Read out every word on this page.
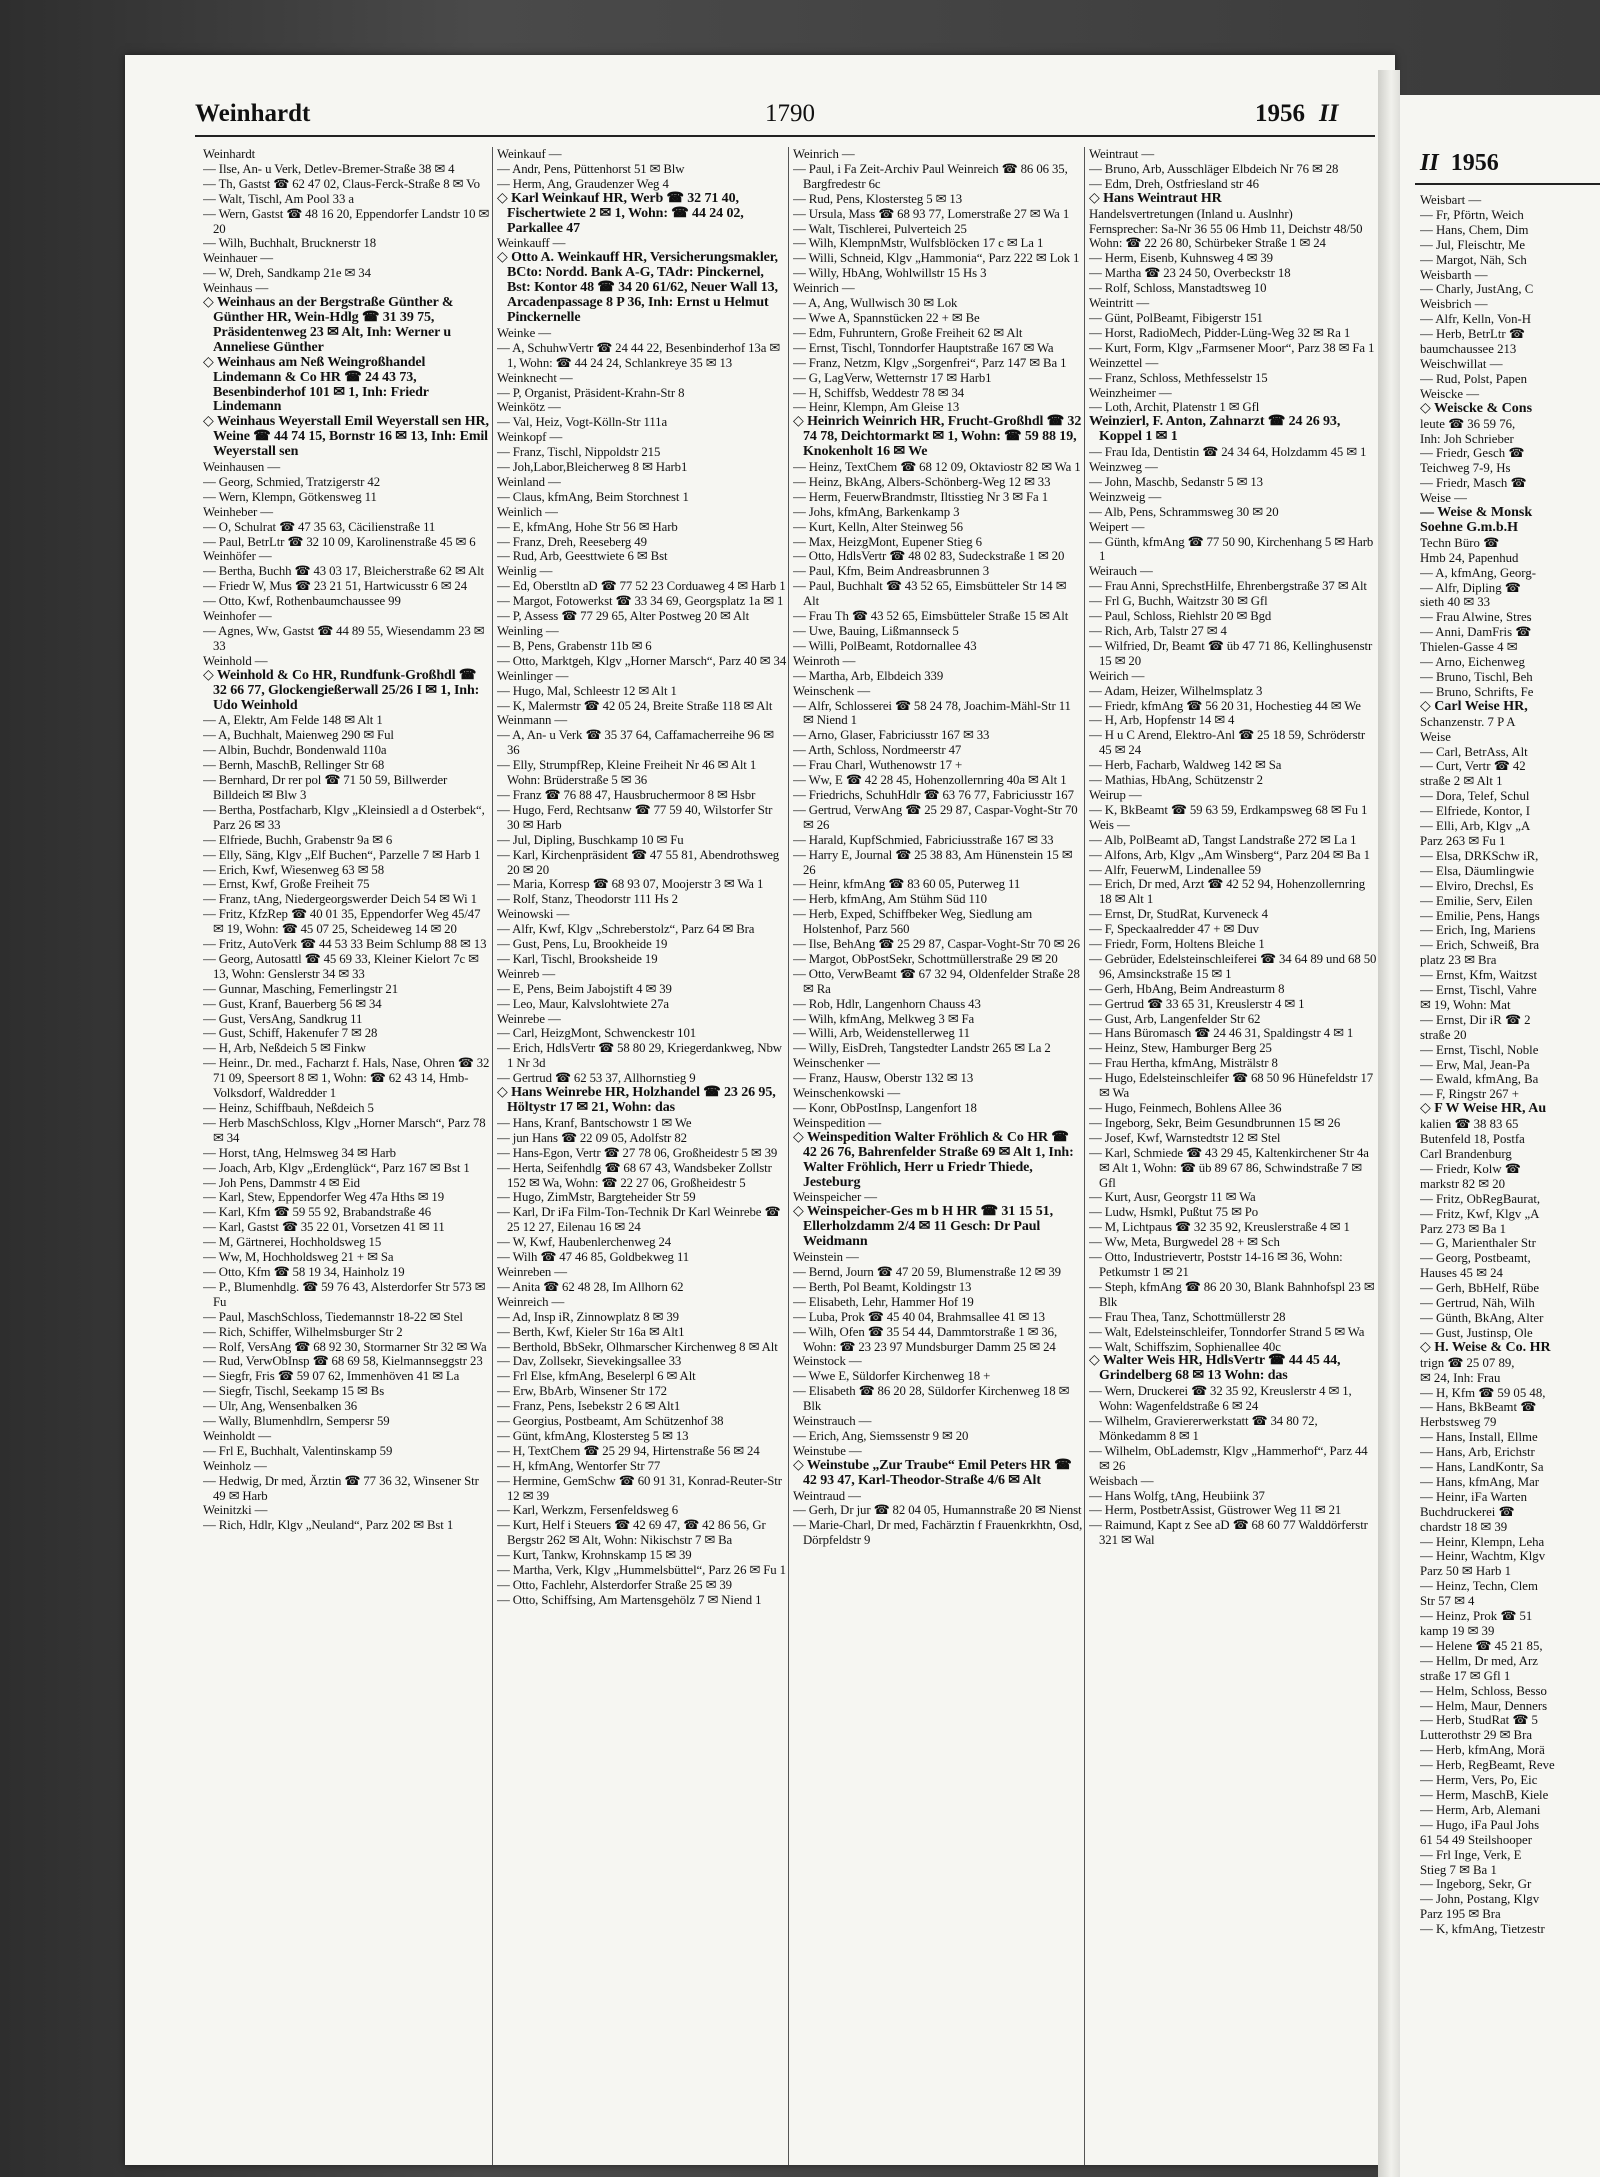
Weinhardt	1790	1956 II

Weinhardt

— Ilse, An- u Verk, Detlev-Bremer-Straße 38 ✉ 4

— Th, Gastst ☎ 62 47 02, Claus-Ferck-Straße 8 ✉ Vo

— Walt, Tischl, Am Pool 33 a

— Wern, Gastst ☎ 48 16 20, Eppendorfer Landstr 10 ✉ 20

— Wilh, Buchhalt, Brucknerstr 18

Weinhauer —

— W, Dreh, Sandkamp 21e ✉ 34

Weinhaus —

◇ Weinhaus an der Bergstraße Günther & Günther HR, Wein-Hdlg ☎ 31 39 75, Präsidentenweg 23 ✉ Alt, Inh: Werner u Anneliese Günther

◇ Weinhaus am Neß Weingroßhandel Lindemann & Co HR ☎ 24 43 73, Besenbinderhof 101 ✉ 1, Inh: Friedr Lindemann

◇ Weinhaus Weyerstall Emil Weyerstall sen HR, Weine ☎ 44 74 15, Bornstr 16 ✉ 13, Inh: Emil Weyerstall sen

Weinhausen —

— Georg, Schmied, Tratzigerstr 42

— Wern, Klempn, Götkensweg 11

Weinheber —

— O, Schulrat ☎ 47 35 63, Cäcilienstraße 11

— Paul, BetrLtr ☎ 32 10 09, Karolinenstraße 45 ✉ 6

Weinhöfer —

— Bertha, Buchh ☎ 43 03 17, Bleicherstraße 62 ✉ Alt

— Friedr W, Mus ☎ 23 21 51, Hartwicusstr 6 ✉ 24

— Otto, Kwf, Rothenbaumchaussee 99

Weinhofer —

— Agnes, Ww, Gastst ☎ 44 89 55, Wiesendamm 23 ✉ 33

Weinhold —

◇ Weinhold & Co HR, Rundfunk-Großhdl ☎ 32 66 77, Glockengießerwall 25/26 I ✉ 1, Inh: Udo Weinhold

— A, Elektr, Am Felde 148 ✉ Alt 1

— A, Buchhalt, Maienweg 290 ✉ Ful

— Albin, Buchdr, Bondenwald 110a

— Bernh, MaschB, Rellinger Str 68

— Bernhard, Dr rer pol ☎ 71 50 59, Billwerder Billdeich ✉ Blw 3

— Bertha, Postfacharb, Klgv „Kleinsiedl a d Osterbek“, Parz 26 ✉ 33

— Elfriede, Buchh, Grabenstr 9a ✉ 6

— Elly, Säng, Klgv „Elf Buchen“, Parzelle 7 ✉ Harb 1

— Erich, Kwf, Wiesenweg 63 ✉ 58

— Ernst, Kwf, Große Freiheit 75

— Franz, tAng, Niedergeorgswerder Deich 54 ✉ Wi 1

— Fritz, KfzRep ☎ 40 01 35, Eppendorfer Weg 45/47 ✉ 19, Wohn: ☎ 45 07 25, Scheideweg 14 ✉ 20

— Fritz, AutoVerk ☎ 44 53 33 Beim Schlump 88 ✉ 13

— Georg, Autosattl ☎ 45 69 33, Kleiner Kielort 7c ✉ 13, Wohn: Genslerstr 34 ✉ 33

— Gunnar, Masching, Femerlingstr 21

— Gust, Kranf, Bauerberg 56 ✉ 34

— Gust, VersAng, Sandkrug 11

— Gust, Schiff, Hakenufer 7 ✉ 28

— H, Arb, Neßdeich 5 ✉ Finkw

— Heinr., Dr. med., Facharzt f. Hals, Nase, Ohren ☎ 32 71 09, Speersort 8 ✉ 1, Wohn: ☎ 62 43 14, Hmb-Volksdorf, Waldredder 1

— Heinz, Schiffbauh, Neßdeich 5

— Herb MaschSchloss, Klgv „Horner Marsch“, Parz 78 ✉ 34

— Horst, tAng, Helmsweg 34 ✉ Harb

— Joach, Arb, Klgv „Erdenglück“, Parz 167 ✉ Bst 1

— Joh Pens, Dammstr 4 ✉ Eid

— Karl, Stew, Eppendorfer Weg 47a Hths ✉ 19

— Karl, Kfm ☎ 59 55 92, Brabandstraße 46

— Karl, Gastst ☎ 35 22 01, Vorsetzen 41 ✉ 11

— M, Gärtnerei, Hochholdsweg 15

— Ww, M, Hochholdsweg 21 + ✉ Sa

— Otto, Kfm ☎ 58 19 34, Hainholz 19

— P., Blumenhdlg. ☎ 59 76 43, Alsterdorfer Str 573 ✉ Fu

— Paul, MaschSchloss, Tiedemannstr 18-22 ✉ Stel

— Rich, Schiffer, Wilhelmsburger Str 2

— Rolf, VersAng ☎ 68 92 30, Stormarner Str 32 ✉ Wa

— Rud, VerwObInsp ☎ 68 69 58, Kielmannseggstr 23

— Siegfr, Fris ☎ 59 07 62, Immenhöven 41 ✉ La

— Siegfr, Tischl, Seekamp 15 ✉ Bs

— Ulr, Ang, Wensenbalken 36

— Wally, Blumenhdlrn, Sempersr 59

Weinholdt —

— Frl E, Buchhalt, Valentinskamp 59

Weinholz —

— Hedwig, Dr med, Ärztin ☎ 77 36 32, Winsener Str 49 ✉ Harb

Weinitzki —

— Rich, Hdlr, Klgv „Neuland“, Parz 202 ✉ Bst 1

Weinkauf —

— Andr, Pens, Püttenhorst 51 ✉ Blw

— Herm, Ang, Graudenzer Weg 4

◇ Karl Weinkauf HR, Werb ☎ 32 71 40, Fischertwiete 2 ✉ 1, Wohn: ☎ 44 24 02, Parkallee 47

Weinkauff —

◇ Otto A. Weinkauff HR, Versicherungsmakler, BCto: Nordd. Bank A-G, TAdr: Pinckernel, Bst: Kontor 48 ☎ 34 20 61/62, Neuer Wall 13, Arcadenpassage 8 P 36, Inh: Ernst u Helmut Pinckernelle

Weinke —

— A, SchuhwVertr ☎ 24 44 22, Besenbinderhof 13a ✉ 1, Wohn: ☎ 44 24 24, Schlankreye 35 ✉ 13

Weinknecht —

— P, Organist, Präsident-Krahn-Str 8

Weinkötz —

— Val, Heiz, Vogt-Kölln-Str 111a

Weinkopf —

— Franz, Tischl, Nippoldstr 215

— Joh,Labor,Bleicherweg 8 ✉ Harb1

Weinland —

— Claus, kfmAng, Beim Storchnest 1

Weinlich —

— E, kfmAng, Hohe Str 56 ✉ Harb

— Franz, Dreh, Reeseberg 49

— Rud, Arb, Geesttwiete 6 ✉ Bst

Weinlig —

— Ed, Oberstltn aD ☎ 77 52 23 Corduaweg 4 ✉ Harb 1

— Margot, Fotowerkst ☎ 33 34 69, Georgsplatz 1a ✉ 1

— P, Assess ☎ 77 29 65, Alter Postweg 20 ✉ Alt

Weinling —

— B, Pens, Grabenstr 11b ✉ 6

— Otto, Marktgeh, Klgv „Horner Marsch“, Parz 40 ✉ 34

Weinlinger —

— Hugo, Mal, Schleestr 12 ✉ Alt 1

— K, Malermstr ☎ 42 05 24, Breite Straße 118 ✉ Alt

Weinmann —

— A, An- u Verk ☎ 35 37 64, Caffamacherreihe 96 ✉ 36

— Elly, StrumpfRep, Kleine Freiheit Nr 46 ✉ Alt 1 Wohn: Brüderstraße 5 ✉ 36

— Franz ☎ 76 88 47, Hausbruchermoor 8 ✉ Hsbr

— Hugo, Ferd, Rechtsanw ☎ 77 59 40, Wilstorfer Str 30 ✉ Harb

— Jul, Dipling, Buschkamp 10 ✉ Fu

— Karl, Kirchenpräsident ☎ 47 55 81, Abendrothsweg 20 ✉ 20

— Maria, Korresp ☎ 68 93 07, Moojerstr 3 ✉ Wa 1

— Rolf, Stanz, Theodorstr 111 Hs 2

Weinowski —

— Alfr, Kwf, Klgv „Schreberstolz“, Parz 64 ✉ Bra

— Gust, Pens, Lu, Brookheide 19

— Karl, Tischl, Brooksheide 19

Weinreb —

— E, Pens, Beim Jabojstift 4 ✉ 39

— Leo, Maur, Kalvslohtwiete 27a

Weinrebe —

— Carl, HeizgMont, Schwenckestr 101

— Erich, HdlsVertr ☎ 58 80 29, Kriegerdankweg, Nbw 1 Nr 3d

— Gertrud ☎ 62 53 37, Allhornstieg 9

◇ Hans Weinrebe HR, Holzhandel ☎ 23 26 95, Höltystr 17 ✉ 21, Wohn: das

— Hans, Kranf, Bantschowstr 1 ✉ We

— jun Hans ☎ 22 09 05, Adolfstr 82

— Hans-Egon, Vertr ☎ 27 78 06, Großheidestr 5 ✉ 39

— Herta, Seifenhdlg ☎ 68 67 43, Wandsbeker Zollstr 152 ✉ Wa, Wohn: ☎ 22 27 06, Großheidestr 5

— Hugo, ZimMstr, Bargteheider Str 59

— Karl, Dr iFa Film-Ton-Technik Dr Karl Weinrebe ☎ 25 12 27, Eilenau 16 ✉ 24

— W, Kwf, Haubenlerchenweg 24

— Wilh ☎ 47 46 85, Goldbekweg 11

Weinreben —

— Anita ☎ 62 48 28, Im Allhorn 62

Weinreich —

— Ad, Insp iR, Zinnowplatz 8 ✉ 39

— Berth, Kwf, Kieler Str 16a ✉ Alt1

— Berthold, BbSekr, Olhmarscher Kirchenweg 8 ✉ Alt

— Dav, Zollsekr, Sievekingsallee 33

— Frl Else, kfmAng, Beselerpl 6 ✉ Alt

— Erw, BbArb, Winsener Str 172

— Franz, Pens, Isebekstr 2 6 ✉ Alt1

— Georgius, Postbeamt, Am Schützenhof 38

— Günt, kfmAng, Klostersteg 5 ✉ 13

— H, TextChem ☎ 25 29 94, Hirtenstraße 56 ✉ 24

— H, kfmAng, Wentorfer Str 77

— Hermine, GemSchw ☎ 60 91 31, Konrad-Reuter-Str 12 ✉ 39

— Karl, Werkzm, Fersenfeldsweg 6

— Kurt, Helf i Steuers ☎ 42 69 47, ☎ 42 86 56, Gr Bergstr 262 ✉ Alt, Wohn: Nikischstr 7 ✉ Ba

— Kurt, Tankw, Krohnskamp 15 ✉ 39

— Martha, Verk, Klgv „Hummelsbüttel“, Parz 26 ✉ Fu 1

— Otto, Fachlehr, Alsterdorfer Straße 25 ✉ 39

— Otto, Schiffsing, Am Martensgehölz 7 ✉ Niend 1

Weinrich —

— Paul, i Fa Zeit-Archiv Paul Weinreich ☎ 86 06 35, Bargfredestr 6c

— Rud, Pens, Klostersteg 5 ✉ 13

— Ursula, Mass ☎ 68 93 77, Lomerstraße 27 ✉ Wa 1

— Walt, Tischlerei, Pulverteich 25

— Wilh, KlempnMstr, Wulfsblöcken 17 c ✉ La 1

— Willi, Schneid, Klgv „Hammonia“, Parz 222 ✉ Lok 1

— Willy, HbAng, Wohlwillstr 15 Hs 3

Weinrich —

— A, Ang, Wullwisch 30 ✉ Lok

— Wwe A, Spannstücken 22 + ✉ Be

— Edm, Fuhruntern, Große Freiheit 62 ✉ Alt

— Ernst, Tischl, Tonndorfer Hauptstraße 167 ✉ Wa

— Franz, Netzm, Klgv „Sorgenfrei“, Parz 147 ✉ Ba 1

— G, LagVerw, Wetternstr 17 ✉ Harb1

— H, Schiffsb, Weddestr 78 ✉ 34

— Heinr, Klempn, Am Gleise 13

◇ Heinrich Weinrich HR, Frucht-Großhdl ☎ 32 74 78, Deichtormarkt ✉ 1, Wohn: ☎ 59 88 19, Knokenholt 16 ✉ We

— Heinz, TextChem ☎ 68 12 09, Oktaviostr 82 ✉ Wa 1

— Heinz, BkAng, Albers-Schönberg-Weg 12 ✉ 33

— Herm, FeuerwBrandmstr, Iltisstieg Nr 3 ✉ Fa 1

— Johs, kfmAng, Barkenkamp 3

— Kurt, Kelln, Alter Steinweg 56

— Max, HeizgMont, Eupener Stieg 6

— Otto, HdlsVertr ☎ 48 02 83, Sudeckstraße 1 ✉ 20

— Paul, Kfm, Beim Andreasbrunnen 3

— Paul, Buchhalt ☎ 43 52 65, Eimsbütteler Str 14 ✉ Alt

— Frau Th ☎ 43 52 65, Eimsbütteler Straße 15 ✉ Alt

— Uwe, Bauing, Lißmannseck 5

— Willi, PolBeamt, Rotdornallee 43

Weinroth —

— Martha, Arb, Elbdeich 339

Weinschenk —

— Alfr, Schlosserei ☎ 58 24 78, Joachim-Mähl-Str 11 ✉ Niend 1

— Arno, Glaser, Fabriciusstr 167 ✉ 33

— Arth, Schloss, Nordmeerstr 47

— Frau Charl, Wuthenowstr 17 +

— Ww, E ☎ 42 28 45, Hohenzollernring 40a ✉ Alt 1

— Friedrichs, SchuhHdlr ☎ 63 76 77, Fabriciusstr 167

— Gertrud, VerwAng ☎ 25 29 87, Caspar-Voght-Str 70 ✉ 26

— Harald, KupfSchmied, Fabriciusstraße 167 ✉ 33

— Harry E, Journal ☎ 25 38 83, Am Hünenstein 15 ✉ 26

— Heinr, kfmAng ☎ 83 60 05, Puterweg 11

— Herb, kfmAng, Am Stühm Süd 110

— Herb, Exped, Schiffbeker Weg, Siedlung am Holstenhof, Parz 560

— Ilse, BehAng ☎ 25 29 87, Caspar-Voght-Str 70 ✉ 26

— Margot, ObPostSekr, Schottmüllerstraße 29 ✉ 20

— Otto, VerwBeamt ☎ 67 32 94, Oldenfelder Straße 28 ✉ Ra

— Rob, Hdlr, Langenhorn Chauss 43

— Wilh, kfmAng, Melkweg 3 ✉ Fa

— Willi, Arb, Weidenstellerweg 11

— Willy, EisDreh, Tangstedter Landstr 265 ✉ La 2

Weinschenker —

— Franz, Hausw, Oberstr 132 ✉ 13

Weinschenkowski —

— Konr, ObPostInsp, Langenfort 18

Weinspedition —

◇ Weinspedition Walter Fröhlich & Co HR ☎ 42 26 76, Bahrenfelder Straße 69 ✉ Alt 1, Inh: Walter Fröhlich, Herr u Friedr Thiede, Jesteburg

Weinspeicher —

◇ Weinspeicher-Ges m b H HR ☎ 31 15 51, Ellerholzdamm 2/4 ✉ 11 Gesch: Dr Paul Weidmann

Weinstein —

— Bernd, Journ ☎ 47 20 59, Blumenstraße 12 ✉ 39

— Berth, Pol Beamt, Koldingstr 13

— Elisabeth, Lehr, Hammer Hof 19

— Luba, Prok ☎ 45 40 04, Brahmsallee 41 ✉ 13

— Wilh, Ofen ☎ 35 54 44, Dammtorstraße 1 ✉ 36, Wohn: ☎ 23 23 97 Mundsburger Damm 25 ✉ 24

Weinstock —

— Wwe E, Süldorfer Kirchenweg 18 +

— Elisabeth ☎ 86 20 28, Süldorfer Kirchenweg 18 ✉ Blk

Weinstrauch —

— Erich, Ang, Siemssenstr 9 ✉ 20

Weinstube —

◇ Weinstube „Zur Traube“ Emil Peters HR ☎ 42 93 47, Karl-Theodor-Straße 4/6 ✉ Alt

Weintraud —

— Gerh, Dr jur ☎ 82 04 05, Humannstraße 20 ✉ Nienst

— Marie-Charl, Dr med, Fachärztin f Frauenkrkhtn, Osd, Dörpfeldstr 9

Weintraut —

— Bruno, Arb, Ausschläger Elbdeich Nr 76 ✉ 28

— Edm, Dreh, Ostfriesland str 46

◇ Hans Weintraut HR

Handelsvertretungen (Inland u. Auslnhr)

Fernsprecher: Sa-Nr 36 55 06 Hmb 11, Deichstr 48/50

Wohn: ☎ 22 26 80, Schürbeker Straße 1 ✉ 24

— Herm, Eisenb, Kuhnsweg 4 ✉ 39

— Martha ☎ 23 24 50, Overbeckstr 18

— Rolf, Schloss, Manstadtsweg 10

Weintritt —

— Günt, PolBeamt, Fibigerstr 151

— Horst, RadioMech, Pidder-Lüng-Weg 32 ✉ Ra 1

— Kurt, Form, Klgv „Farmsener Moor“, Parz 38 ✉ Fa 1

Weinzettel —

— Franz, Schloss, Methfesselstr 15

Weinzheimer —

— Loth, Archit, Platenstr 1 ✉ Gfl

Weinzierl, F. Anton, Zahnarzt ☎ 24 26 93, Koppel 1 ✉ 1

— Frau Ida, Dentistin ☎ 24 34 64, Holzdamm 45 ✉ 1

Weinzweg —

— John, Maschb, Sedanstr 5 ✉ 13

Weinzweig —

— Alb, Pens, Schrammsweg 30 ✉ 20

Weipert —

— Günth, kfmAng ☎ 77 50 90, Kirchenhang 5 ✉ Harb 1

Weirauch —

— Frau Anni, SprechstHilfe, Ehrenbergstraße 37 ✉ Alt

— Frl G, Buchh, Waitzstr 30 ✉ Gfl

— Paul, Schloss, Riehlstr 20 ✉ Bgd

— Rich, Arb, Talstr 27 ✉ 4

— Wilfried, Dr, Beamt ☎ üb 47 71 86, Kellinghusenstr 15 ✉ 20

Weirich —

— Adam, Heizer, Wilhelmsplatz 3

— Friedr, kfmAng ☎ 56 20 31, Hochestieg 44 ✉ We

— H, Arb, Hopfenstr 14 ✉ 4

— H u C Arend, Elektro-Anl ☎ 25 18 59, Schröderstr 45 ✉ 24

— Herb, Facharb, Waldweg 142 ✉ Sa

— Mathias, HbAng, Schützenstr 2

Weirup —

— K, BkBeamt ☎ 59 63 59, Erdkampsweg 68 ✉ Fu 1

Weis —

— Alb, PolBeamt aD, Tangst Landstraße 272 ✉ La 1

— Alfons, Arb, Klgv „Am Winsberg“, Parz 204 ✉ Ba 1

— Alfr, FeuerwM, Lindenallee 59

— Erich, Dr med, Arzt ☎ 42 52 94, Hohenzollernring 18 ✉ Alt 1

— Ernst, Dr, StudRat, Kurveneck 4

— F, Speckaalredder 47 + ✉ Duv

— Friedr, Form, Holtens Bleiche 1

— Gebrüder, Edelsteinschleiferei ☎ 34 64 89 und 68 50 96, Amsinckstraße 15 ✉ 1

— Gerh, HbAng, Beim Andreasturm 8

— Gertrud ☎ 33 65 31, Kreuslerstr 4 ✉ 1

— Gust, Arb, Langenfelder Str 62

— Hans Büromasch ☎ 24 46 31, Spaldingstr 4 ✉ 1

— Heinz, Stew, Hamburger Berg 25

— Frau Hertha, kfmAng, Misträlstr 8

— Hugo, Edelsteinschleifer ☎ 68 50 96 Hünefeldstr 17 ✉ Wa

— Hugo, Feinmech, Bohlens Allee 36

— Ingeborg, Sekr, Beim Gesundbrunnen 15 ✉ 26

— Josef, Kwf, Warnstedtstr 12 ✉ Stel

— Karl, Schmiede ☎ 43 29 45, Kaltenkirchener Str 4a ✉ Alt 1, Wohn: ☎ üb 89 67 86, Schwindstraße 7 ✉ Gfl

— Kurt, Ausr, Georgstr 11 ✉ Wa

— Ludw, Hsmkl, Pußtut 75 ✉ Po

— M, Lichtpaus ☎ 32 35 92, Kreuslerstraße 4 ✉ 1

— Ww, Meta, Burgwedel 28 + ✉ Sch

— Otto, Industrievertr, Poststr 14-16 ✉ 36, Wohn: Petkumstr 1 ✉ 21

— Steph, kfmAng ☎ 86 20 30, Blank Bahnhofspl 23 ✉ Blk

— Frau Thea, Tanz, Schottmüllerstr 28

— Walt, Edelsteinschleifer, Tonndorfer Strand 5 ✉ Wa

— Walt, Schiffszim, Sophienallee 40c

◇ Walter Weis HR, HdlsVertr ☎ 44 45 44, Grindelberg 68 ✉ 13 Wohn: das

— Wern, Druckerei ☎ 32 35 92, Kreuslerstr 4 ✉ 1, Wohn: Wagenfeldstraße 6 ✉ 24

— Wilhelm, Graviererwerkstatt ☎ 34 80 72, Mönkedamm 8 ✉ 1

— Wilhelm, ObLademstr, Klgv „Hammerhof“, Parz 44 ✉ 26

Weisbach —

— Hans Wolfg, tAng, Heubiink 37

— Herm, PostbetrAssist, Güstrower Weg 11 ✉ 21

— Raimund, Kapt z See aD ☎ 68 60 77 Walddörferstr 321 ✉ Wal

II 1956

Weisbart —

— Fr, Pförtn, Weich

— Hans, Chem, Dim

— Jul, Fleischtr, Me

— Margot, Näh, Sch

Weisbarth —

— Charly, JustAng, C

Weisbrich —

— Alfr, Kelln, Von-H

— Herb, BetrLtr ☎

baumchaussee 213

Weischwillat —

— Rud, Polst, Papen

Weiscke —

◇ Weiscke & Cons

leute ☎ 36 59 76,

Inh: Joh Schrieber

— Friedr, Gesch ☎

Teichweg 7-9, Hs

— Friedr, Masch ☎

Weise —

— Weise & Monsk

Soehne G.m.b.H

Techn Büro ☎

Hmb 24, Papenhud

— A, kfmAng, Georg-

— Alfr, Dipling ☎

sieth 40 ✉ 33

— Frau Alwine, Stres

— Anni, DamFris ☎

Thielen-Gasse 4 ✉

— Arno, Eichenweg

— Bruno, Tischl, Beh

— Bruno, Schrifts, Fe

◇ Carl Weise HR,

Schanzenstr. 7 P A

Weise

— Carl, BetrAss, Alt

— Curt, Vertr ☎ 42

straße 2 ✉ Alt 1

— Dora, Telef, Schul

— Elfriede, Kontor, I

— Elli, Arb, Klgv „A

Parz 263 ✉ Fu 1

— Elsa, DRKSchw iR,

— Elsa, Däumlingwie

— Elviro, Drechsl, Es

— Emilie, Serv, Eilen

— Emilie, Pens, Hangs

— Erich, Ing, Mariens

— Erich, Schweiß, Bra

platz 23 ✉ Bra

— Ernst, Kfm, Waitzst

— Ernst, Tischl, Vahre

✉ 19, Wohn: Mat

— Ernst, Dir iR ☎ 2

straße 20

— Ernst, Tischl, Noble

— Erw, Mal, Jean-Pa

— Ewald, kfmAng, Ba

— F, Ringstr 267 +

◇ F W Weise HR, Au

kalien ☎ 38 83 65

Butenfeld 18, Postfa

Carl Brandenburg

— Friedr, Kolw ☎

markstr 82 ✉ 20

— Fritz, ObRegBaurat,

— Fritz, Kwf, Klgv „A

Parz 273 ✉ Ba 1

— G, Marienthaler Str

— Georg, Postbeamt,

Hauses 45 ✉ 24

— Gerh, BbHelf, Rübe

— Gertrud, Näh, Wilh

— Günth, BkAng, Alter

— Gust, Justinsp, Ole

◇ H. Weise & Co. HR

trign ☎ 25 07 89,

✉ 24, Inh: Frau

— H, Kfm ☎ 59 05 48,

— Hans, BkBeamt ☎

Herbstsweg 79

— Hans, Install, Ellme

— Hans, Arb, Erichstr

— Hans, LandKontr, Sa

— Hans, kfmAng, Mar

— Heinr, iFa Warten

Buchdruckerei ☎

chardstr 18 ✉ 39

— Heinr, Klempn, Leha

— Heinr, Wachtm, Klgv

Parz 50 ✉ Harb 1

— Heinz, Techn, Clem

Str 57 ✉ 4

— Heinz, Prok ☎ 51

kamp 19 ✉ 39

— Helene ☎ 45 21 85,

— Hellm, Dr med, Arz

straße 17 ✉ Gfl 1

— Helm, Schloss, Besso

— Helm, Maur, Denners

— Herb, StudRat ☎ 5

Lutterothstr 29 ✉ Bra

— Herb, kfmAng, Morä

— Herb, RegBeamt, Reve

— Herm, Vers, Po, Eic

— Herm, MaschB, Kiele

— Herm, Arb, Alemani

— Hugo, iFa Paul Johs

61 54 49 Steilshooper

— Frl Inge, Verk, E

Stieg 7 ✉ Ba 1

— Ingeborg, Sekr, Gr

— John, Postang, Klgv

Parz 195 ✉ Bra

— K, kfmAng, Tietzestr
